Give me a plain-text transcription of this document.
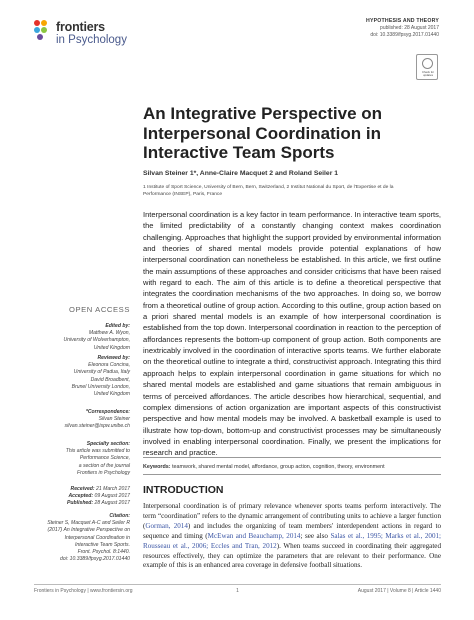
frontiers
in Psychology
HYPOTHESIS AND THEORY
published: 28 August 2017
doi: 10.3389/fpsyg.2017.01440
Check for updates
An Integrative Perspective on Interpersonal Coordination in Interactive Team Sports
Silvan Steiner 1*, Anne-Claire Macquet 2 and Roland Seiler 1
1 Institute of Sport Science, University of Bern, Bern, Switzerland, 2 Institut National du Sport, de l'Expertise et de la
Performance (INSEP), Paris, France

Interpersonal coordination is a key factor in team performance. In interactive team sports, the limited predictability of a constantly changing context makes coordination challenging. Approaches that highlight the support provided by environmental information and theories of shared mental models provide potential explanations of how interpersonal coordination can nonetheless be established. In this article, we first outline the main assumptions of these approaches and consider criticisms that have been raised with regard to each. The aim of this article is to define a theoretical perspective that integrates the coordination mechanisms of the two approaches. In doing so, we borrow from a theoretical outline of group action. According to this outline, group action based on a priori shared mental models is an example of how interpersonal coordination is established from the top down. Interpersonal coordination in reaction to the perception of affordances represents the bottom-up component of group action. Both components are inextricably involved in the coordination of interactive sports teams. We further elaborate on the theoretical outline to integrate a third, constructivist approach. Integrating this third approach helps to explain interpersonal coordination in game situations for which no shared mental models are established and game situations that remain ambiguous in terms of perceived affordances. The article describes how hierarchical, sequential, and complex dimensions of action organization are important aspects of this constructivist perspective and how mental models may be involved. A basketball example is used to illustrate how top-down, bottom-up and constructivist processes may be simultaneously involved in enabling interpersonal coordination. Finally, we present the implications for research and practice.

Keywords: teamwork, shared mental model, affordance, group action, cognition, theory, environment
INTRODUCTION

Interpersonal coordination is of primary relevance whenever sports teams perform interactively. The term “coordination” refers to the dynamic arrangement of contributing units to achieve a larger function (Gorman, 2014) and includes the organizing of team members' interdependent actions in regard to sequence and timing (McEwan and Beauchamp, 2014; see also Salas et al., 1995; Marks et al., 2001; Rousseau et al., 2006; Eccles and Tran, 2012). When teams succeed in coordinating their aggregated resources effectively, they can optimize the parameters that are relevant to their performance. One example of this is an enhanced area coverage in defensive football situations.

OPEN ACCESS
Edited by:
Matthew A. Wyon,
University of Wolverhampton,
United Kingdom
Reviewed by:
Eleonora Concina,
University of Padua, Italy
David Broadbent,
Brunel University London,
United Kingdom
*Correspondence:
Silvan Steiner
silvan.steiner@ispw.unibe.ch
Specialty section:
This article was submitted to
Performance Science,
a section of the journal
Frontiers in Psychology
Received: 21 March 2017
Accepted: 09 August 2017
Published: 28 August 2017
Citation:
Steiner S, Macquet A-C and Seiler R
(2017) An Integrative Perspective on
Interpersonal Coordination in
Interactive Team Sports.
Front. Psychol. 8:1440.
doi: 10.3389/fpsyg.2017.01440
Frontiers in Psychology | www.frontiersin.org	1	August 2017 | Volume 8 | Article 1440
